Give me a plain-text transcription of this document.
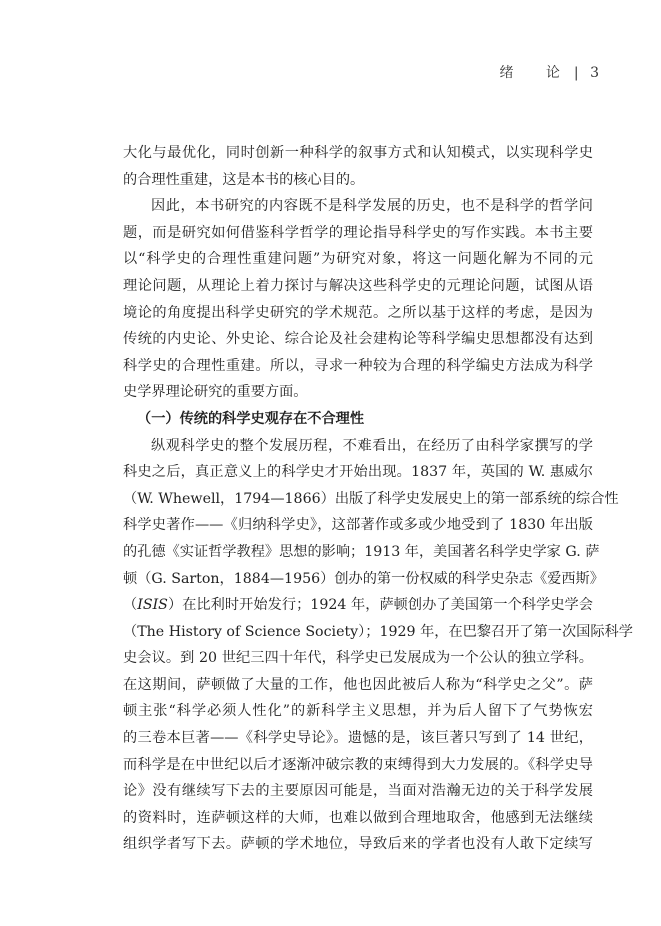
绪 论| 3
大化与最优化，同时创新一种科学的叙事方式和认知模式，以实现科学史
的合理性重建，这是本书的核心目的。
因此，本书研究的内容既不是科学发展的历史，也不是科学的哲学问
题，而是研究如何借鉴科学哲学的理论指导科学史的写作实践。本书主要
以“科学史的合理性重建问题”为研究对象，将这一问题化解为不同的元
理论问题，从理论上着力探讨与解决这些科学史的元理论问题，试图从语
境论的角度提出科学史研究的学术规范。之所以基于这样的考虑，是因为
传统的内史论、外史论、综合论及社会建构论等科学编史思想都没有达到
科学史的合理性重建。所以，寻求一种较为合理的科学编史方法成为科学
史学界理论研究的重要方面。
（一）传统的科学史观存在不合理性
纵观科学史的整个发展历程，不难看出，在经历了由科学家撰写的学
科史之后，真正意义上的科学史才开始出现。1837 年，英国的 W. 惠威尔
（W. Whewell，1794—1866）出版了科学史发展史上的第一部系统的综合性
科学史著作——《归纳科学史》，这部著作或多或少地受到了 1830 年出版
的孔德《实证哲学教程》思想的影响；1913 年，美国著名科学史学家 G. 萨
顿（G. Sarton，1884—1956）创办的第一份权威的科学史杂志《爱西斯》
（ISIS）在比利时开始发行；1924 年，萨顿创办了美国第一个科学史学会
（The History of Science Society）；1929 年，在巴黎召开了第一次国际科学
史会议。到 20 世纪三四十年代，科学史已发展成为一个公认的独立学科。
在这期间，萨顿做了大量的工作，他也因此被后人称为“科学史之父”。萨
顿主张“科学必须人性化”的新科学主义思想，并为后人留下了气势恢宏
的三卷本巨著——《科学史导论》。遗憾的是，该巨著只写到了 14 世纪，
而科学是在中世纪以后才逐渐冲破宗教的束缚得到大力发展的。《科学史导
论》没有继续写下去的主要原因可能是，当面对浩瀚无边的关于科学发展
的资料时，连萨顿这样的大师，也难以做到合理地取舍，他感到无法继续
组织学者写下去。萨顿的学术地位，导致后来的学者也没有人敢下定续写
